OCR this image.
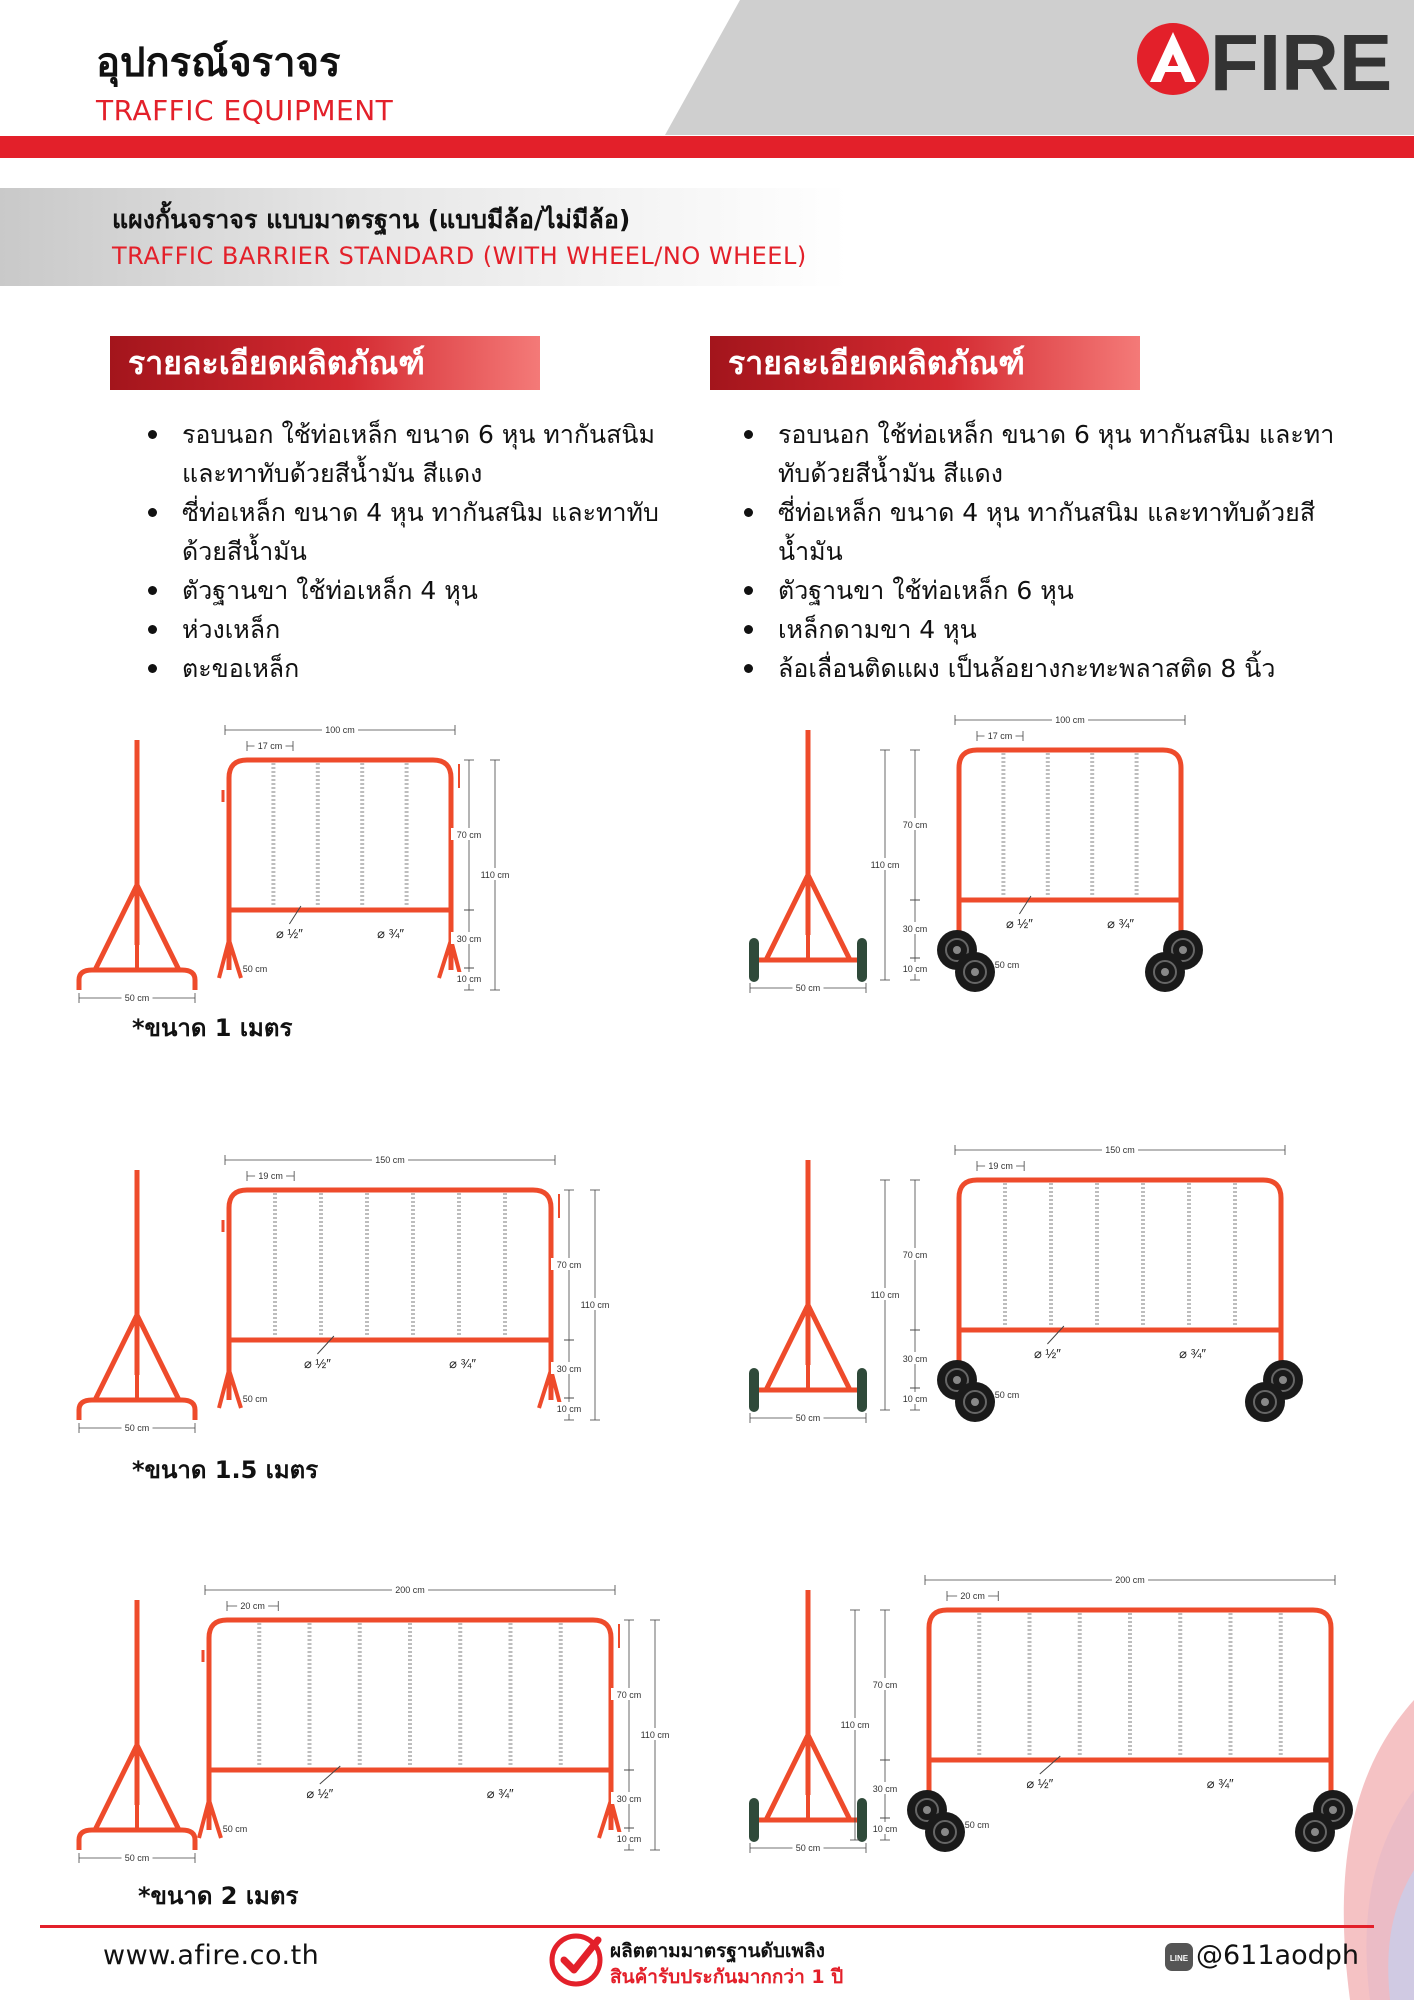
อุปกรณ์จราจร
TRAFFIC EQUIPMENT
FIRE
แผงกั้นจราจร แบบมาตรฐาน (แบบมีล้อ/ไม่มีล้อ)
TRAFFIC BARRIER STANDARD (WITH WHEEL/NO WHEEL)
รายละเอียดผลิตภัณฑ์	รายละเอียดผลิตภัณฑ์
รอบนอก ใช้ท่อเหล็ก ขนาด 6 หุน ทากันสนิม และทาทับด้วยสีน้ำมัน สีแดง
ซี่ท่อเหล็ก ขนาด 4 หุน ทากันสนิม และทาทับด้วยสีน้ำมัน
ตัวฐานขา ใช้ท่อเหล็ก 4 หุน
ห่วงเหล็ก
ตะขอเหล็ก
รอบนอก ใช้ท่อเหล็ก ขนาด 6 หุน ทากันสนิม และทาทับด้วยสีน้ำมัน สีแดง
ซี่ท่อเหล็ก ขนาด 4 หุน ทากันสนิม และทาทับด้วยสีน้ำมัน
ตัวฐานขา ใช้ท่อเหล็ก 6 หุน
เหล็กดามขา 4 หุน
ล้อเลื่อนติดแผง เป็นล้อยางกะทะพลาสติด 8 นิ้ว
50 cm
100 cm
17 cm
⌀ ½″	⌀ ¾″
50 cm
110 cm
70 cm
30 cm
10 cm
50 cm
100 cm
17 cm
⌀ ½″	⌀ ¾″
50 cm
110 cm
70 cm
30 cm
10 cm
50 cm
150 cm
19 cm
⌀ ½″	⌀ ¾″
50 cm
110 cm
70 cm
30 cm
10 cm
50 cm
150 cm
19 cm
⌀ ½″	⌀ ¾″
50 cm
110 cm
70 cm
30 cm
10 cm
50 cm
200 cm
20 cm
⌀ ½″	⌀ ¾″
50 cm
110 cm
70 cm
30 cm
10 cm
50 cm
200 cm
20 cm
⌀ ½″	⌀ ¾″
50 cm
110 cm
70 cm
30 cm
10 cm
*ขนาด 1 เมตร
*ขนาด 1.5 เมตร
*ขนาด 2 เมตร
www.afire.co.th	ผลิตตามมาตรฐานดับเพลิง
สินค้ารับประกันมากกว่า 1 ปี
LINE @611aodph
